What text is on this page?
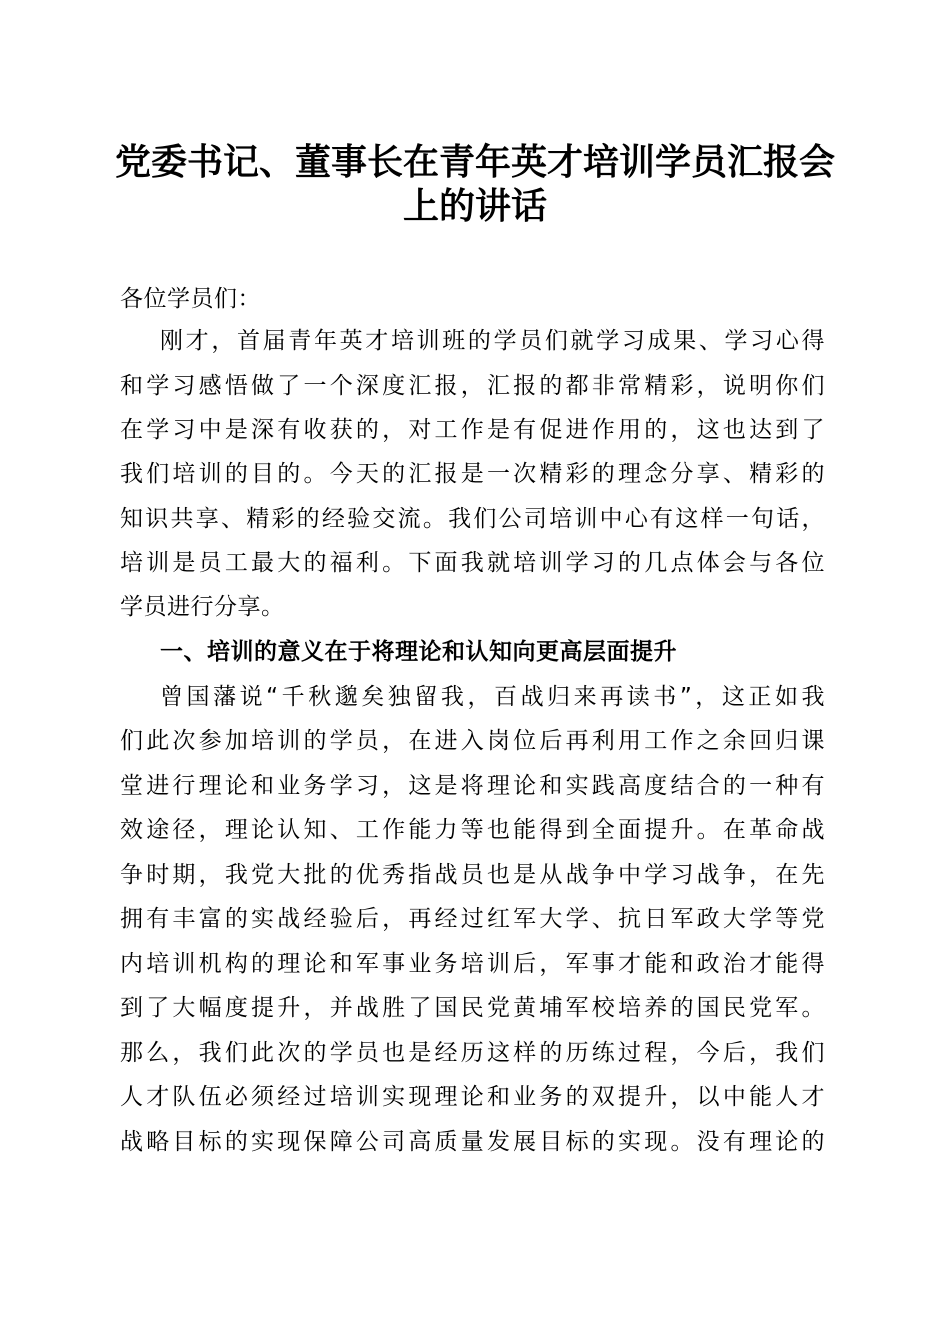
党委书记、董事长在青年英才培训学员汇报会
上的讲话

各位学员们：

刚才，首届青年英才培训班的学员们就学习成果、学习心得

和学习感悟做了一个深度汇报，汇报的都非常精彩，说明你们

在学习中是深有收获的，对工作是有促进作用的，这也达到了

我们培训的目的。今天的汇报是一次精彩的理念分享、精彩的

知识共享、精彩的经验交流。我们公司培训中心有这样一句话，

培训是员工最大的福利。下面我就培训学习的几点体会与各位

学员进行分享。

一、培训的意义在于将理论和认知向更高层面提升

曾国藩说“千秋邈矣独留我，百战归来再读书”，这正如我

们此次参加培训的学员，在进入岗位后再利用工作之余回归课

堂进行理论和业务学习，这是将理论和实践高度结合的一种有

效途径，理论认知、工作能力等也能得到全面提升。在革命战

争时期，我党大批的优秀指战员也是从战争中学习战争，在先

拥有丰富的实战经验后，再经过红军大学、抗日军政大学等党

内培训机构的理论和军事业务培训后，军事才能和政治才能得

到了大幅度提升，并战胜了国民党黄埔军校培养的国民党军。

那么，我们此次的学员也是经历这样的历练过程，今后，我们

人才队伍必须经过培训实现理论和业务的双提升，以中能人才

战略目标的实现保障公司高质量发展目标的实现。没有理论的
